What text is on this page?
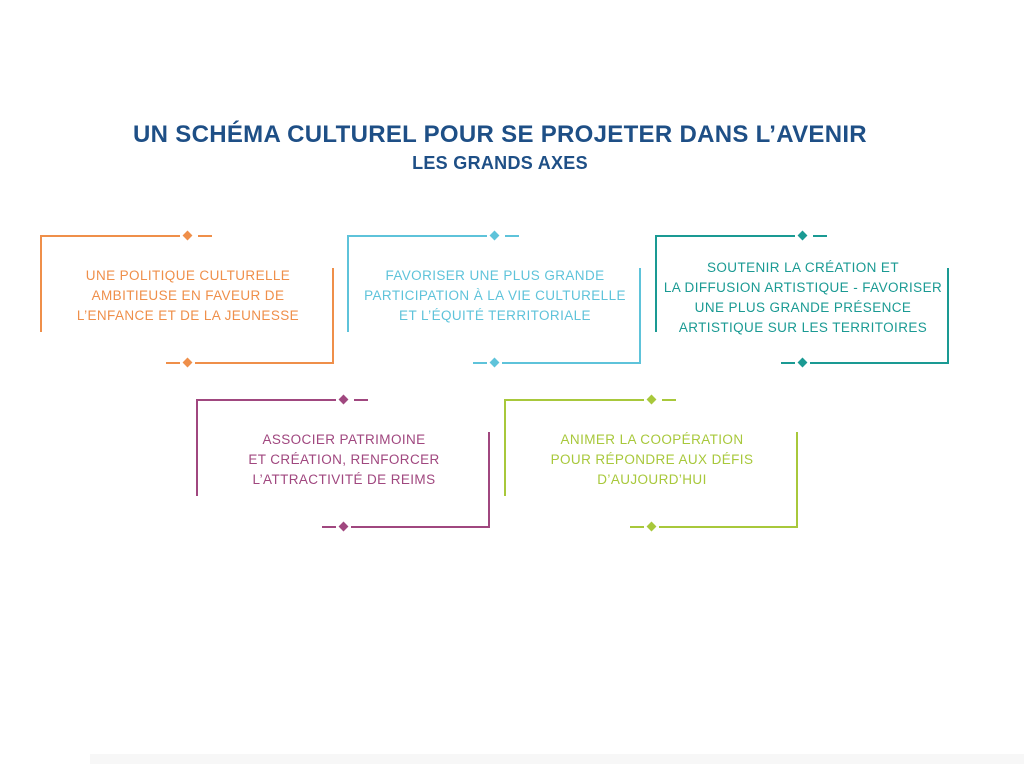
UN SCHÉMA CULTUREL POUR SE PROJETER DANS L’AVENIR
LES GRANDS AXES
UNE POLITIQUE CULTURELLE
AMBITIEUSE EN FAVEUR DE
L’ENFANCE ET DE LA JEUNESSE
FAVORISER UNE PLUS GRANDE
PARTICIPATION À LA VIE CULTURELLE
ET L’ÉQUITÉ TERRITORIALE
SOUTENIR LA CRÉATION ET
LA DIFFUSION ARTISTIQUE - FAVORISER
UNE PLUS GRANDE PRÉSENCE
ARTISTIQUE SUR LES TERRITOIRES
ASSOCIER PATRIMOINE
ET CRÉATION, RENFORCER
L’ATTRACTIVITÉ DE REIMS
ANIMER LA COOPÉRATION
POUR RÉPONDRE AUX DÉFIS
D’AUJOURD’HUI
